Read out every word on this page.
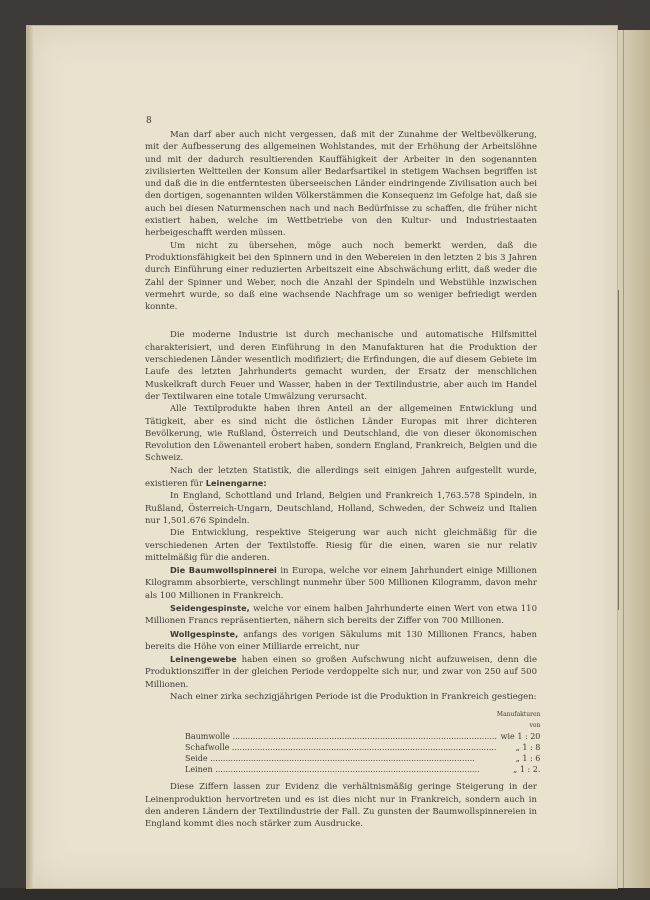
8

Man darf aber auch nicht vergessen, daß mit der Zunahme der Weltbevölkerung, mit der Aufbesserung des allgemeinen Wohlstandes, mit der Erhöhung der Arbeitslöhne und mit der dadurch resultierenden Kauffähigkeit der Arbeiter in den sogenannten zivilisierten Weltteilen der Konsum aller Bedarfsartikel in stetigem Wachsen begriffen ist und daß die in die entferntesten überseeischen Länder eindringende Zivilisation auch bei den dortigen, sogenannten wilden Völkerstämmen die Konsequenz im Gefolge hat, daß sie auch bei diesen Naturmenschen nach und nach Bedürfnisse zu schaffen, die früher nicht existiert haben, welche im Wettbetriebe von den Kultur- und Industriestaaten herbeigeschafft werden müssen.

Um nicht zu übersehen, möge auch noch bemerkt werden, daß die Produktionsfähigkeit bei den Spinnern und in den Webereien in den letzten 2 bis 3 Jahren durch Einführung einer reduzierten Arbeitszeit eine Abschwächung erlitt, daß weder die Zahl der Spinner und Weber, noch die Anzahl der Spindeln und Webstühle inzwischen vermehrt wurde, so daß eine wachsende Nachfrage um so weniger befriedigt werden konnte.

Die moderne Industrie ist durch mechanische und automatische Hilfsmittel charakterisiert, und deren Einführung in den Manufakturen hat die Produktion der verschiedenen Länder wesentlich modifiziert; die Erfindungen, die auf diesem Gebiete im Laufe des letzten Jahrhunderts gemacht wurden, der Ersatz der menschlichen Muskelkraft durch Feuer und Wasser, haben in der Textilindustrie, aber auch im Handel der Textilwaren eine totale Umwälzung verursacht.

Alle Textilprodukte haben ihren Anteil an der allgemeinen Entwicklung und Tätigkeit, aber es sind nicht die östlichen Länder Europas mit ihrer dichteren Bevölkerung, wie Rußland, Österreich und Deutschland, die von dieser ökonomischen Revolution den Löwenanteil erobert haben, sondern England, Frankreich, Belgien und die Schweiz.

Nach der letzten Statistik, die allerdings seit einigen Jahren aufgestellt wurde, existieren für Leinengarne:

In England, Schottland und Irland, Belgien und Frankreich 1,763.578 Spindeln, in Rußland, Österreich-Ungarn, Deutschland, Holland, Schweden, der Schweiz und Italien nur 1,501.676 Spindeln.

Die Entwicklung, respektive Steigerung war auch nicht gleichmäßig für die verschiedenen Arten der Textilstoffe. Riesig für die einen, waren sie nur relativ mittelmäßig für die anderen.

Die Baumwollspinnerei in Europa, welche vor einem Jahrhundert einige Millionen Kilogramm absorbierte, verschlingt nunmehr über 500 Millionen Kilogramm, davon mehr als 100 Millionen in Frankreich.

Seidengespinste, welche vor einem halben Jahrhunderte einen Wert von etwa 110 Millionen Francs repräsentierten, nähern sich bereits der Ziffer von 700 Millionen.

Wollgespinste, anfangs des vorigen Säkulums mit 130 Millionen Francs, haben bereits die Höhe von einer Milliarde erreicht, nur

Leinengewebe haben einen so großen Aufschwung nicht aufzuweisen, denn die Produktionsziffer in der gleichen Periode verdoppelte sich nur, und zwar von 250 auf 500 Millionen.

Nach einer zirka sechzigjährigen Periode ist die Produktion in Frankreich gestiegen:

	Manufakturen von
Baumwolle .....	wie 1 : 20
Schafwolle .....	„ 1 : 8
Seide .....	„ 1 : 6
Leinen .....	„ 1 : 2.

Diese Ziffern lassen zur Evidenz die verhältnismäßig geringe Steigerung in der Leinenproduktion hervortreten und es ist dies nicht nur in Frankreich, sondern auch in den anderen Ländern der Textilindustrie der Fall. Zu gunsten der Baumwollspinnereien in England kommt dies noch stärker zum Ausdrucke.
